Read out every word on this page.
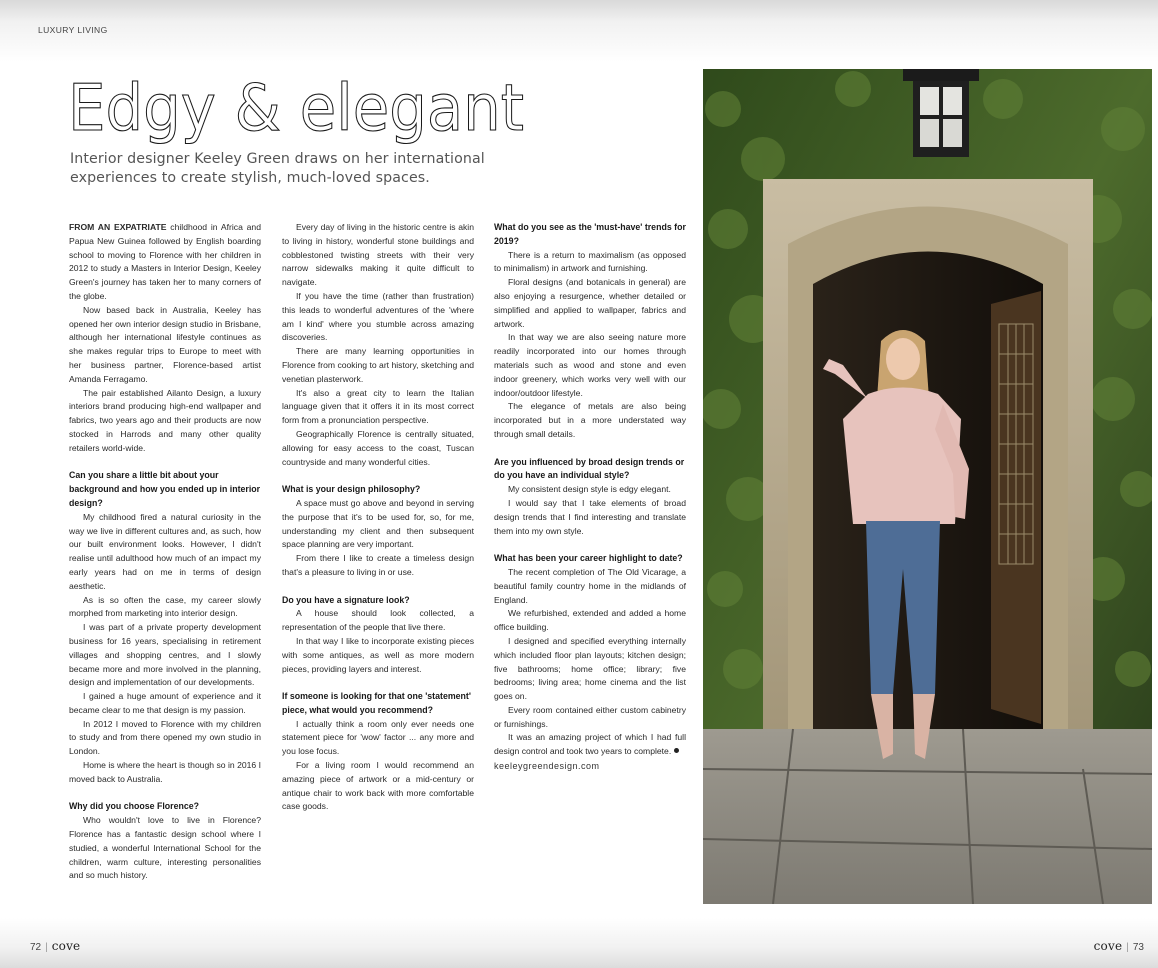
LUXURY LIVING
Edgy & elegant
Interior designer Keeley Green draws on her international experiences to create stylish, much-loved spaces.

FROM AN EXPATRIATE childhood in Africa and Papua New Guinea followed by English boarding school to moving to Florence with her children in 2012 to study a Masters in Interior Design, Keeley Green's journey has taken her to many corners of the globe.

Now based back in Australia, Keeley has opened her own interior design studio in Brisbane, although her international lifestyle continues as she makes regular trips to Europe to meet with her business partner, Florence-based artist Amanda Ferragamo.

The pair established Ailanto Design, a luxury interiors brand producing high-end wallpaper and fabrics, two years ago and their products are now stocked in Harrods and many other quality retailers world-wide.

Can you share a little bit about your background and how you ended up in interior design?

My childhood fired a natural curiosity in the way we live in different cultures and, as such, how our built environment looks. However, I didn't realise until adulthood how much of an impact my early years had on me in terms of design aesthetic.

As is so often the case, my career slowly morphed from marketing into interior design.

I was part of a private property development business for 16 years, specialising in retirement villages and shopping centres, and I slowly became more and more involved in the planning, design and implementation of our developments.

I gained a huge amount of experience and it became clear to me that design is my passion.

In 2012 I moved to Florence with my children to study and from there opened my own studio in London.

Home is where the heart is though so in 2016 I moved back to Australia.

Why did you choose Florence?

Who wouldn't love to live in Florence? Florence has a fantastic design school where I studied, a wonderful International School for the children, warm culture, interesting personalities and so much history.

Every day of living in the historic centre is akin to living in history, wonderful stone buildings and cobblestoned twisting streets with their very narrow sidewalks making it quite difficult to navigate.

If you have the time (rather than frustration) this leads to wonderful adventures of the 'where am I kind' where you stumble across amazing discoveries.

There are many learning opportunities in Florence from cooking to art history, sketching and venetian plasterwork.

It's also a great city to learn the Italian language given that it offers it in its most correct form from a pronunciation perspective.

Geographically Florence is centrally situated, allowing for easy access to the coast, Tuscan countryside and many wonderful cities.

What is your design philosophy?

A space must go above and beyond in serving the purpose that it's to be used for, so, for me, understanding my client and then subsequent space planning are very important.

From there I like to create a timeless design that's a pleasure to living in or use.

Do you have a signature look?

A house should look collected, a representation of the people that live there.

In that way I like to incorporate existing pieces with some antiques, as well as more modern pieces, providing layers and interest.

If someone is looking for that one 'statement' piece, what would you recommend?

I actually think a room only ever needs one statement piece for 'wow' factor ... any more and you lose focus.

For a living room I would recommend an amazing piece of artwork or a mid-century or antique chair to work back with more comfortable case goods.

What do you see as the 'must-have' trends for 2019?

There is a return to maximalism (as opposed to minimalism) in artwork and furnishing.

Floral designs (and botanicals in general) are also enjoying a resurgence, whether detailed or simplified and applied to wallpaper, fabrics and artwork.

In that way we are also seeing nature more readily incorporated into our homes through materials such as wood and stone and even indoor greenery, which works very well with our indoor/outdoor lifestyle.

The elegance of metals are also being incorporated but in a more understated way through small details.

Are you influenced by broad design trends or do you have an individual style?

My consistent design style is edgy elegant.

I would say that I take elements of broad design trends that I find interesting and translate them into my own style.

What has been your career highlight to date?

The recent completion of The Old Vicarage, a beautiful family country home in the midlands of England.

We refurbished, extended and added a home office building.

I designed and specified everything internally which included floor plan layouts; kitchen design; five bathrooms; home office; library; five bedrooms; living area; home cinema and the list goes on.

Every room contained either custom cabinetry or furnishings.

It was an amazing project of which I had full design control and took two years to complete.

keeleygreendesign.com
72 | cove	cove | 73
